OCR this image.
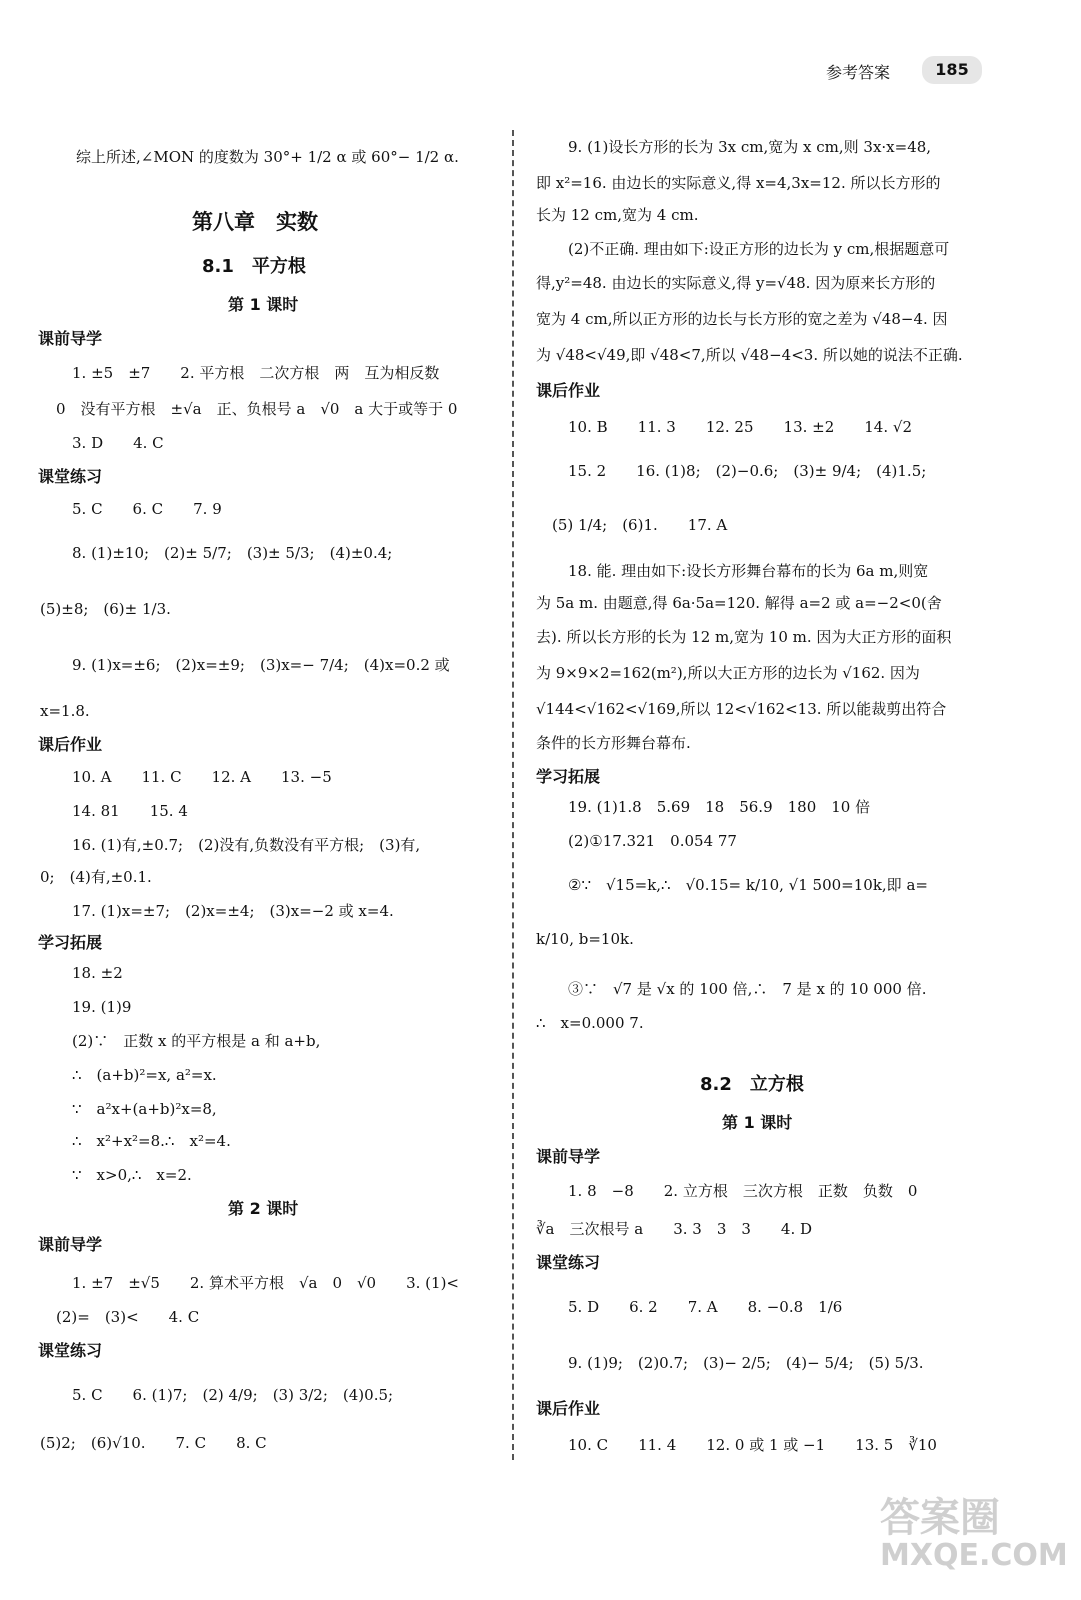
参考答案	185
综上所述,∠MON 的度数为 30°+ 1/2 α 或 60°− 1/2 α.
第八章　实数
8.1　平方根
第 1 课时
课前导学
1. ±5　±7　　2. 平方根　二次方根　两　互为相反数
0　没有平方根　±√a　正、负根号 a　√0　a 大于或等于 0
3. D　　4. C
课堂练习
5. C　　6. C　　7. 9
8. (1)±10;　(2)± 5/7;　(3)± 5/3;　(4)±0.4;
(5)±8;　(6)± 1/3.
9. (1)x=±6;　(2)x=±9;　(3)x=− 7/4;　(4)x=0.2 或
x=1.8.
课后作业
10. A　　11. C　　12. A　　13. −5
14. 81　　15. 4
16. (1)有,±0.7;　(2)没有,负数没有平方根;　(3)有,
0;　(4)有,±0.1.
17. (1)x=±7;　(2)x=±4;　(3)x=−2 或 x=4.
学习拓展
18. ±2
19. (1)9
(2)∵　正数 x 的平方根是 a 和 a+b,
∴　(a+b)²=x, a²=x.
∵　a²x+(a+b)²x=8,
∴　x²+x²=8.∴　x²=4.
∵　x>0,∴　x=2.
第 2 课时
课前导学
1. ±7　±√5　　2. 算术平方根　√a　0　√0　　3. (1)<
(2)=　(3)<　　4. C
课堂练习
5. C　　6. (1)7;　(2) 4/9;　(3) 3/2;　(4)0.5;
(5)2;　(6)√10.　　7. C　　8. C
9. (1)设长方形的长为 3x cm,宽为 x cm,则 3x·x=48,
即 x²=16. 由边长的实际意义,得 x=4,3x=12. 所以长方形的
长为 12 cm,宽为 4 cm.
(2)不正确. 理由如下:设正方形的边长为 y cm,根据题意可
得,y²=48. 由边长的实际意义,得 y=√48. 因为原来长方形的
宽为 4 cm,所以正方形的边长与长方形的宽之差为 √48−4. 因
为 √48<√49,即 √48<7,所以 √48−4<3. 所以她的说法不正确.
课后作业
10. B　　11. 3　　12. 25　　13. ±2　　14. √2
15. 2　　16. (1)8;　(2)−0.6;　(3)± 9/4;　(4)1.5;
(5) 1/4;　(6)1.　　17. A
18. 能. 理由如下:设长方形舞台幕布的长为 6a m,则宽
为 5a m. 由题意,得 6a·5a=120. 解得 a=2 或 a=−2<0(舍
去). 所以长方形的长为 12 m,宽为 10 m. 因为大正方形的面积
为 9×9×2=162(m²),所以大正方形的边长为 √162. 因为
√144<√162<√169,所以 12<√162<13. 所以能裁剪出符合
条件的长方形舞台幕布.
学习拓展
19. (1)1.8　5.69　18　56.9　180　10 倍
(2)①17.321　0.054 77
②∵　√15=k,∴　√0.15= k/10, √1 500=10k,即 a=
k/10, b=10k.
③∵　√7 是 √x 的 100 倍,∴　7 是 x 的 10 000 倍.
∴　x=0.000 7.
8.2　立方根
第 1 课时
课前导学
1. 8　−8　　2. 立方根　三次方根　正数　负数　0
∛a　三次根号 a　　3. 3　3　3　　4. D
课堂练习
5. D　　6. 2　　7. A　　8. −0.8　1/6
9. (1)9;　(2)0.7;　(3)− 2/5;　(4)− 5/4;　(5) 5/3.
课后作业
10. C　　11. 4　　12. 0 或 1 或 −1　　13. 5　∛10
答案圈
MXQE.COM
